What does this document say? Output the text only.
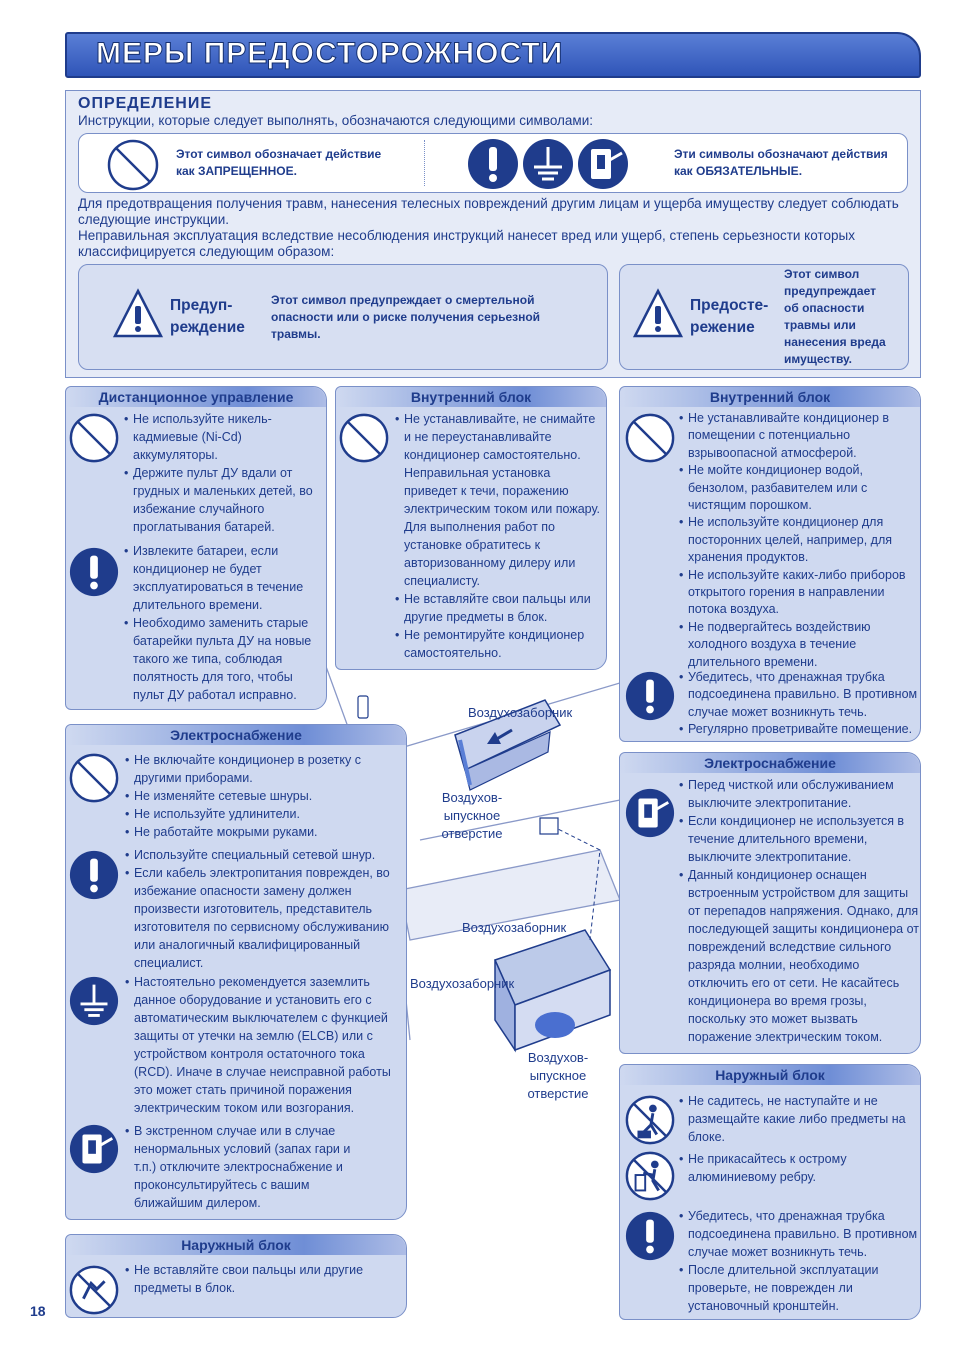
МЕРЫ ПРЕДОСТОРОЖНОСТИ
ОПРЕДЕЛЕНИЕ
Инструкции, которые следует выполнять, обозначаются следующими символами:
Этот символ обозначает действие
как ЗАПРЕЩЕННОЕ.
Эти символы обозначают действия
как ОБЯЗАТЕЛЬНЫЕ.
Для предотвращения получения травм, нанесения телесных повреждений другим лицам и ущерба имуществу следует соблюдать следующие инструкции.
Неправильная эксплуатация вследствие несоблюдения инструкций нанесет вред или ущерб, степень серьезности которых классифицируется следующим образом:
Предуп-
реждение
Этот символ предупреждает о смертельной
опасности или о риске получения серьезной
травмы.
Предосте-
режение
Этот символ
предупреждает
об опасности
травмы или
нанесения вреда
имуществу.
Дистанционное управление
• Не используйте никель-кадмиевые (Ni-Cd) аккумуляторы.
• Держите пульт ДУ вдали от грудных и маленьких детей, во избежание случайного проглатывания батарей.
• Извлеките батареи, если кондиционер не будет эксплуатироваться в течение длительного времени.
• Необходимо заменить старые батарейки пульта ДУ на новые такого же типа, соблюдая полятность для того, чтобы пульт ДУ работал исправно.
Внутренний блок
• Не устанавливайте, не снимайте и не переустанавливайте кондиционер самостоятельно. Неправильная установка приведет к течи, поражению электрическим током или пожару. Для выполнения работ по установке обратитесь к авторизованному дилеру или специалисту.
• Не вставляйте свои пальцы или другие предметы в блок.
• Не ремонтируйте кондиционер самостоятельно.
Внутренний блок
• Не устанавливайте кондиционер в помещении с потенциально взрывоопасной атмосферой.
• Не мойте кондиционер водой, бензолом, разбавителем или с чистящим порошком.
• Не используйте кондиционер для посторонних целей, например, для хранения продуктов.
• Не используйте каких-либо приборов открытого горения в направлении потока воздуха.
• Не подвергайтесь воздействию холодного воздуха в течение длительного времени.
• Убедитесь, что дренажная трубка подсоединена правильно. В противном случае может возникнуть течь.
• Регулярно проветривайте помещение.
Электроснабжение
• Не включайте кондиционер в розетку с другими приборами.
• Не изменяйте сетевые шнуры.
• Не используйте удлинители.
• Не работайте мокрыми руками.
• Используйте специальный сетевой шнур.
• Если кабель электропитания поврежден, во избежание опасности замену должен произвести изготовитель, представитель изготовителя по сервисному обслуживанию или аналогичный квалифицированный специалист.
• Настоятельно рекомендуется заземлить данное оборудование и установить его с автоматическим выключателем с функцией защиты от утечки на землю (ELCB) или с устройством контроля остаточного тока (RCD). Иначе в случае неисправной работы это может стать причиной поражения электрическим током или возгорания.
• В экстренном случае или в случае ненормальных условий (запах гари и т.п.) отключите электроснабжение и проконсультируйтесь с вашим ближайшим дилером.
Электроснабжение
• Перед чисткой или обслуживанием выключите электропитание.
• Если кондиционер не используется в течение длительного времени, выключите электропитание.
• Данный кондиционер оснащен встроенным устройством для защиты от перепадов напряжения. Однако, для последующей защиты кондиционера от повреждений вследствие сильного разряда молнии, необходимо отключить его от сети. Не касайтесь кондиционера во время грозы, поскольку это может вызвать поражение электрическим током.
Наружный блок
• Не вставляйте свои пальцы или другие предметы в блок.
Наружный блок
• Не садитесь, не наступайте и не размещайте какие либо предметы на блоке.
• Не прикасайтесь к острому алюминиевому ребру.
• Убедитесь, что дренажная трубка подсоединена правильно. В противном случае может возникнуть течь.
• После длительной эксплуатации проверьте, не поврежден ли установочный кронштейн.
Воздухозаборник
Воздухов-
ыпускное
отверстие
Воздухозаборник
Воздухозаборник
Воздухов-
ыпускное
отверстие
18
